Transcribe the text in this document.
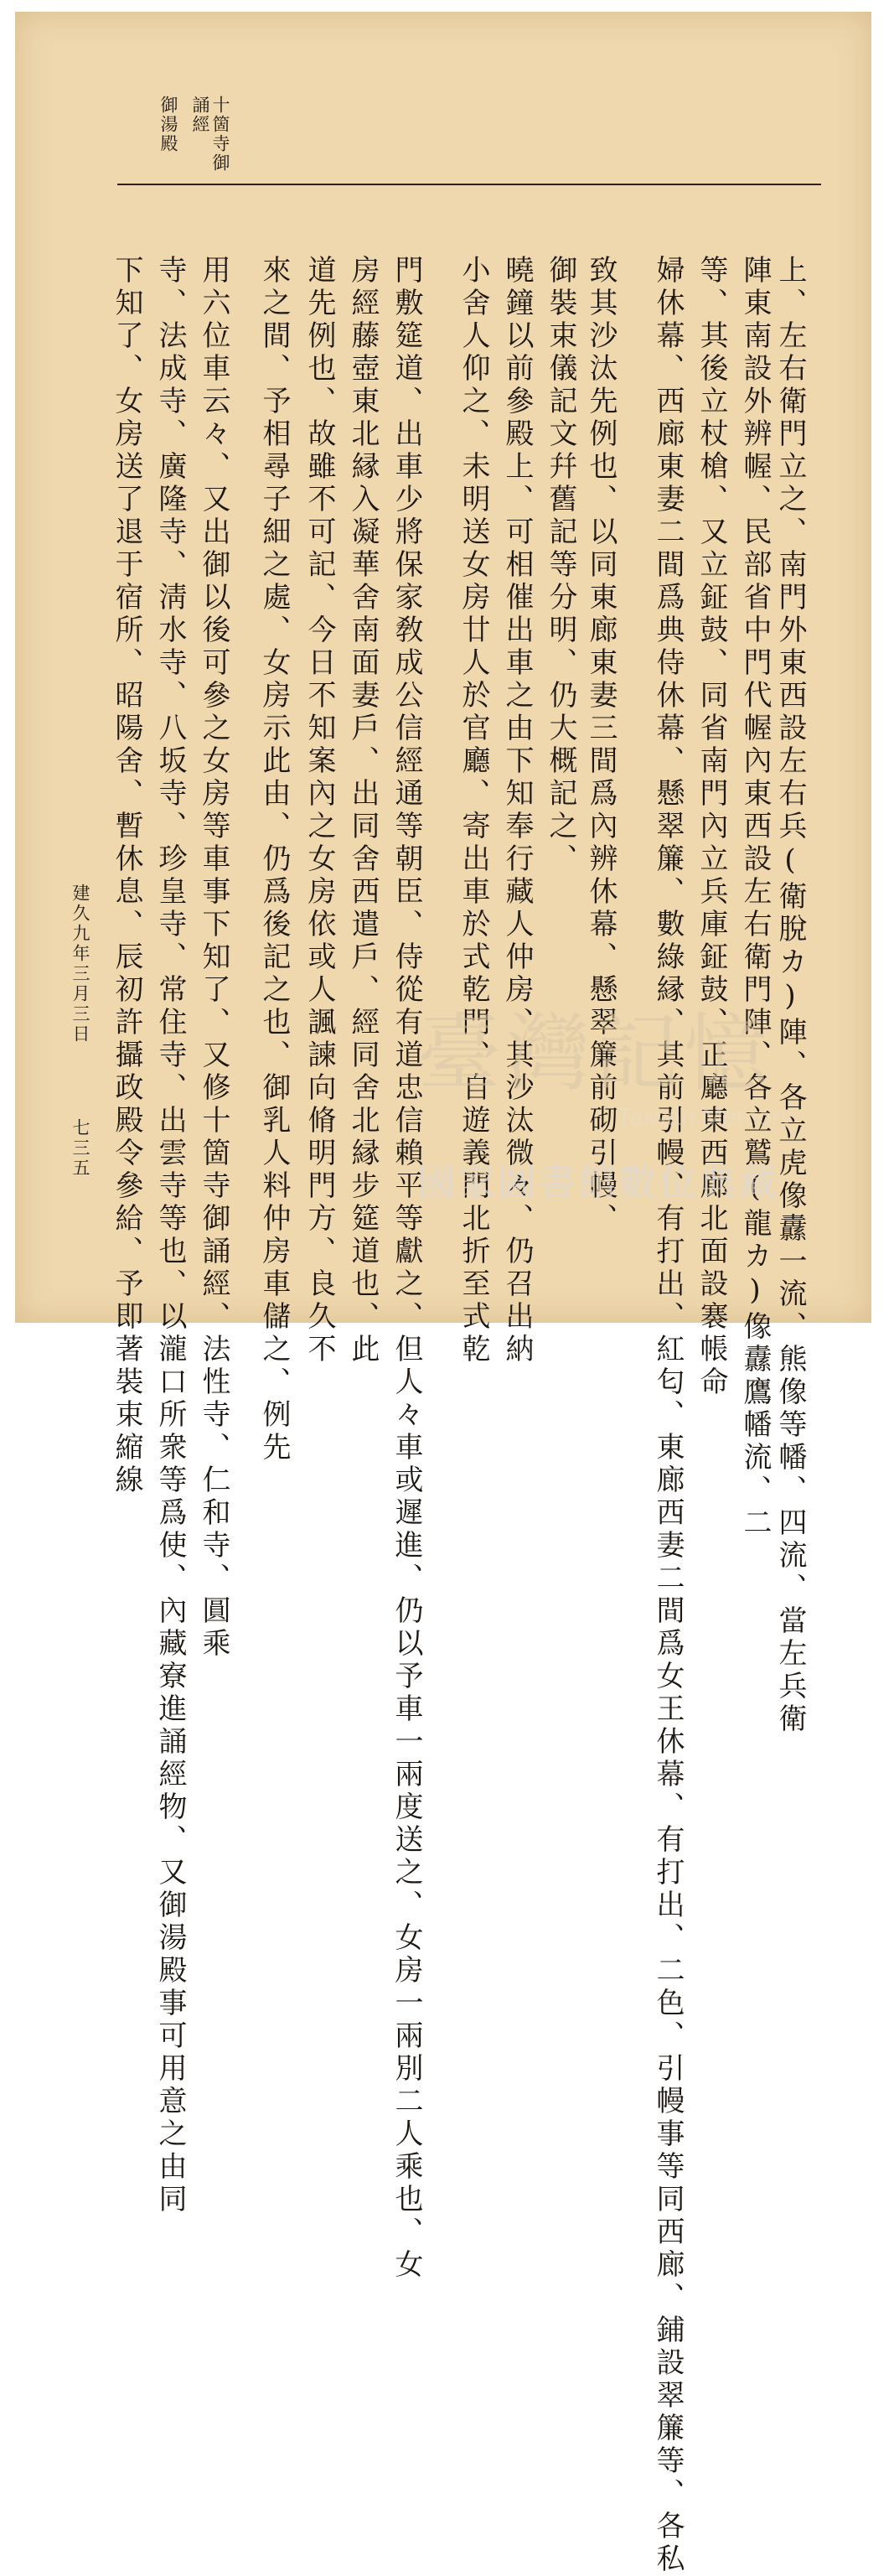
十箇寺御
誦經
御湯殿
上、左右衛門立之、南門外東西設左右兵(衛脫カ)陣、各立虎像纛一流、熊像等幡、四流、當左兵衛
陣東南設外辨幄、民部省中門代幄內東西設左右衛門陣、各立鷲(龍カ)像纛鷹幡流、二
等、其後立杖槍、又立鉦鼓、同省南門內立兵庫鉦鼓、正廳東西廊北面設褰帳命
婦休幕、西廊東妻二間爲典侍休幕、懸翠簾、數綠縁、其前引幔、有打出、紅匂、東廊西妻二間爲女王休幕、有打出、二色、引幔事等同西廊、鋪設翠簾等、各私
致其沙汰先例也、以同東廊東妻三間爲內辨休幕、懸翠簾前砌引幔、
御裝束儀記文幷舊記等分明、仍大概記之、
曉鐘以前參殿上、可相催出車之由下知奉行藏人仲房、其沙汰微々、仍召出納
小舍人仰之、未明送女房廿人於官廳、寄出車於式乾門、自遊義門北折至式乾
門敷筵道、出車少將保家敎成公信經通等朝臣、侍從有道忠信賴平等獻之、但人々車或遲進、仍以予車一兩度送之、女房一兩別二人乘也、女
房經藤壺東北縁入凝華舍南面妻戶、出同舍西遣戶、經同舍北縁步筵道也、此
道先例也、故雖不可記、今日不知案內之女房依或人諷諫向脩明門方、良久不
來之間、予相尋子細之處、女房示此由、仍爲後記之也、御乳人料仲房車儲之、例先
用六位車云々、又出御以後可參之女房等車事下知了、又修十箇寺御誦經、法性寺、仁和寺、圓乘
寺、法成寺、廣隆寺、淸水寺、八坂寺、珍皇寺、常住寺、出雲寺等也、以瀧口所衆等爲使、內藏寮進誦經物、又御湯殿事可用意之由同
下知了、女房送了退于宿所、昭陽舍、暫休息、辰初許攝政殿令參給、予即著裝束縮線
建久九年三月三日
七三五
臺灣記憶
Taiwan Memory
國家圖書館數位典藏
